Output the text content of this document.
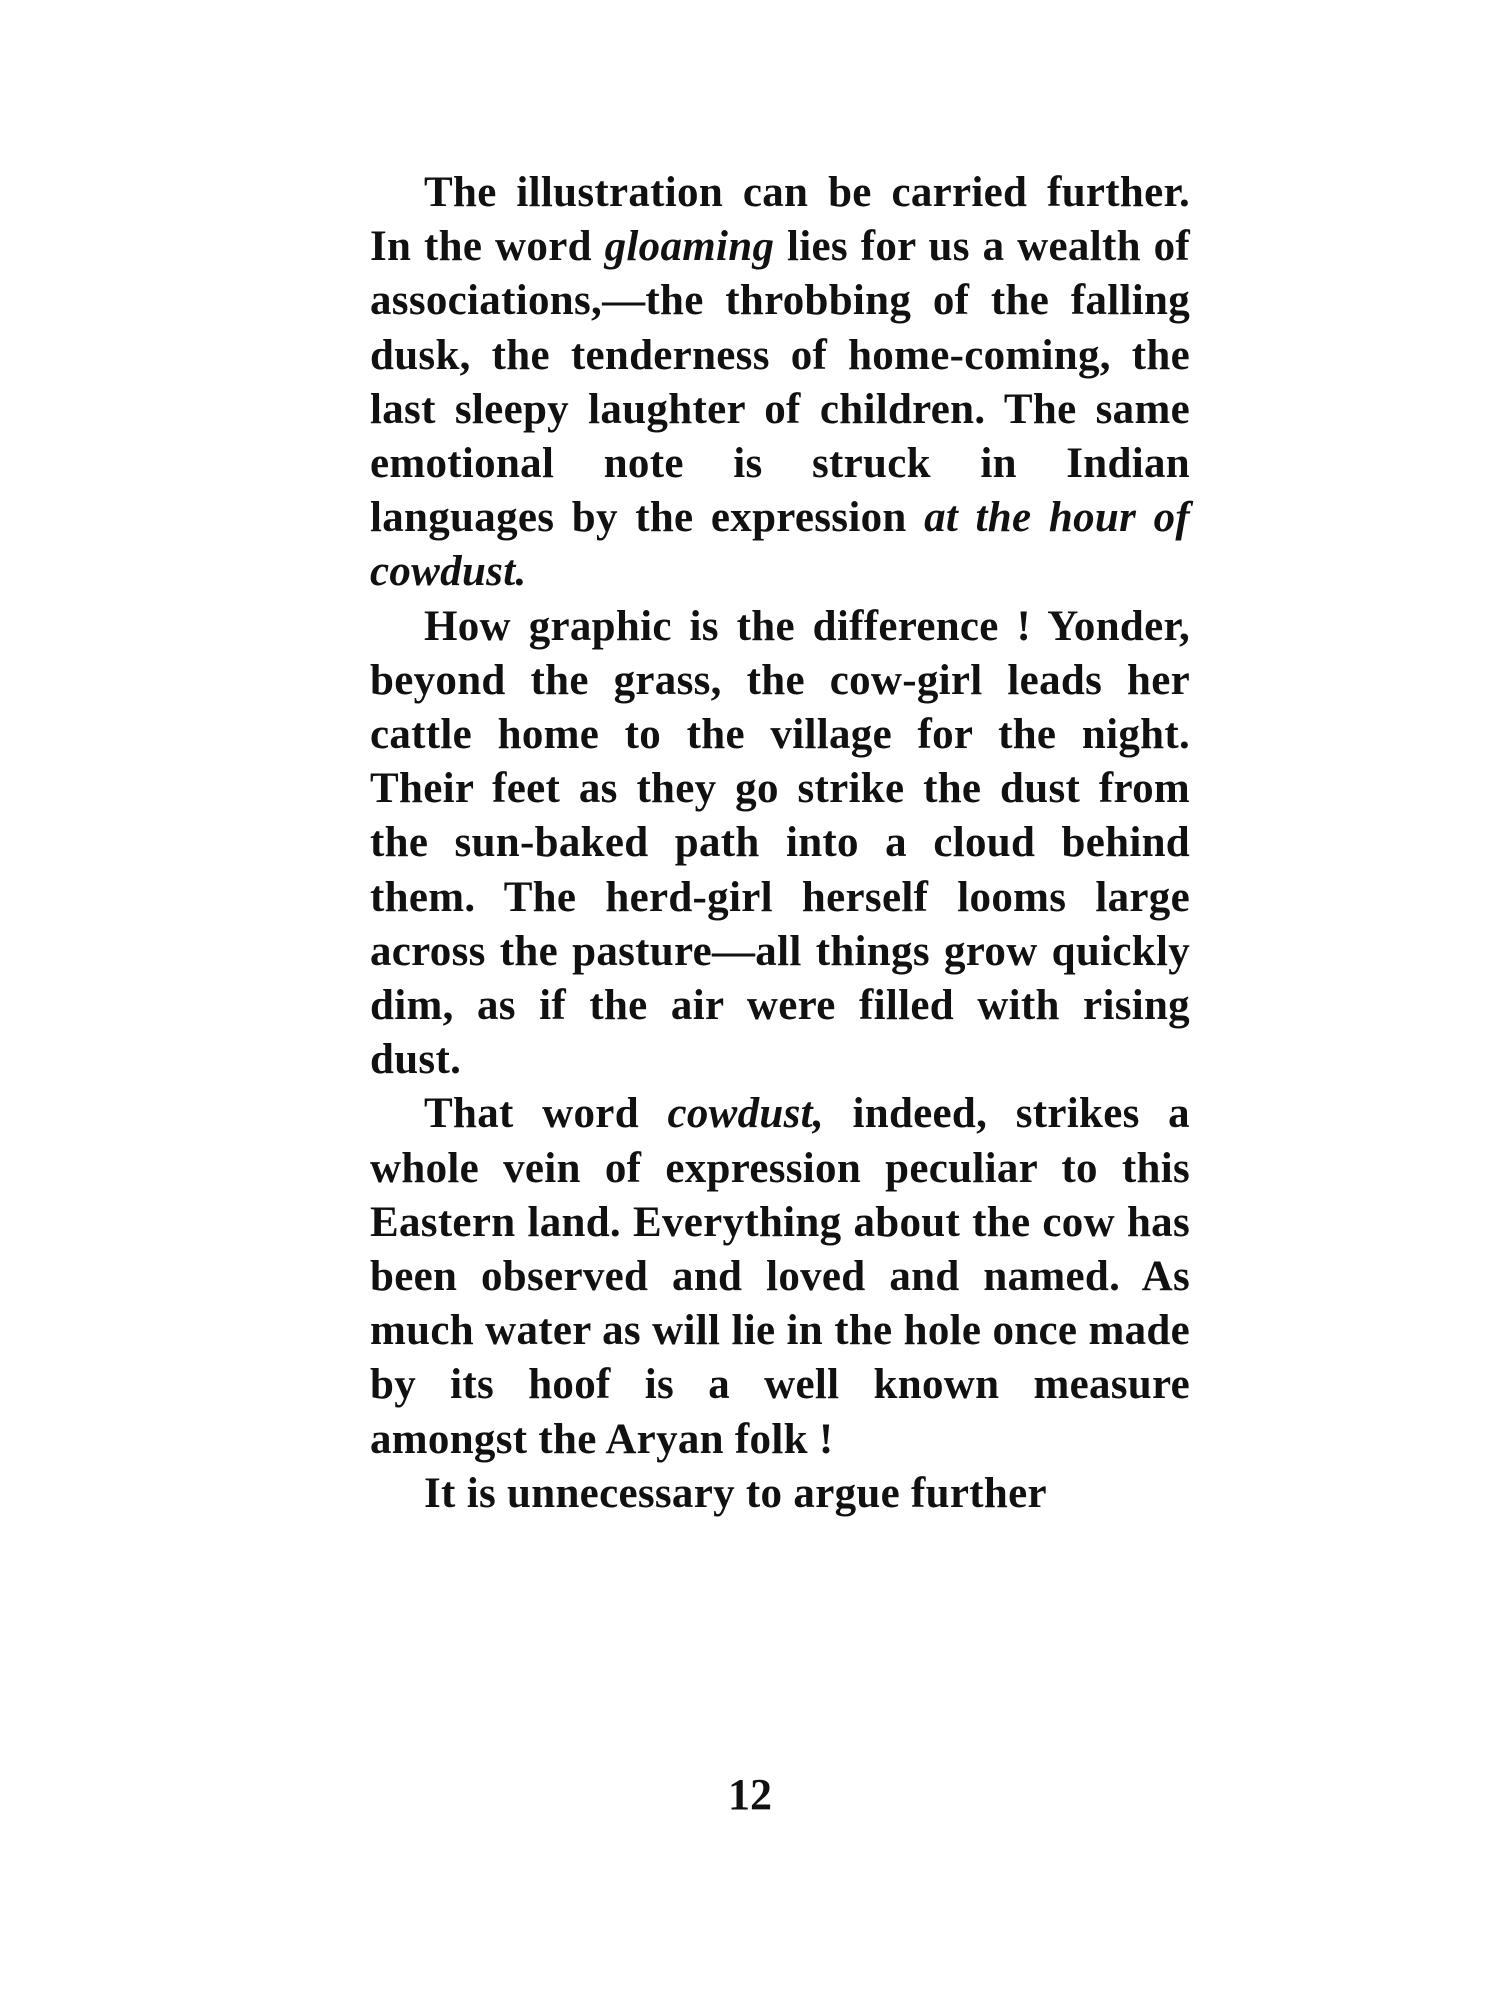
The illustration can be carried further. In the word gloaming lies for us a wealth of associations,—the throbbing of the falling dusk, the tenderness of home-coming, the last sleepy laughter of children. The same emotional note is struck in Indian languages by the expression at the hour of cowdust.

How graphic is the difference ! Yonder, beyond the grass, the cow-girl leads her cattle home to the village for the night. Their feet as they go strike the dust from the sun-baked path into a cloud behind them. The herd-girl herself looms large across the pasture—all things grow quickly dim, as if the air were filled with rising dust.

That word cowdust, indeed, strikes a whole vein of expression peculiar to this Eastern land. Everything about the cow has been observed and loved and named. As much water as will lie in the hole once made by its hoof is a well known measure amongst the Aryan folk !

It is unnecessary to argue further

12
